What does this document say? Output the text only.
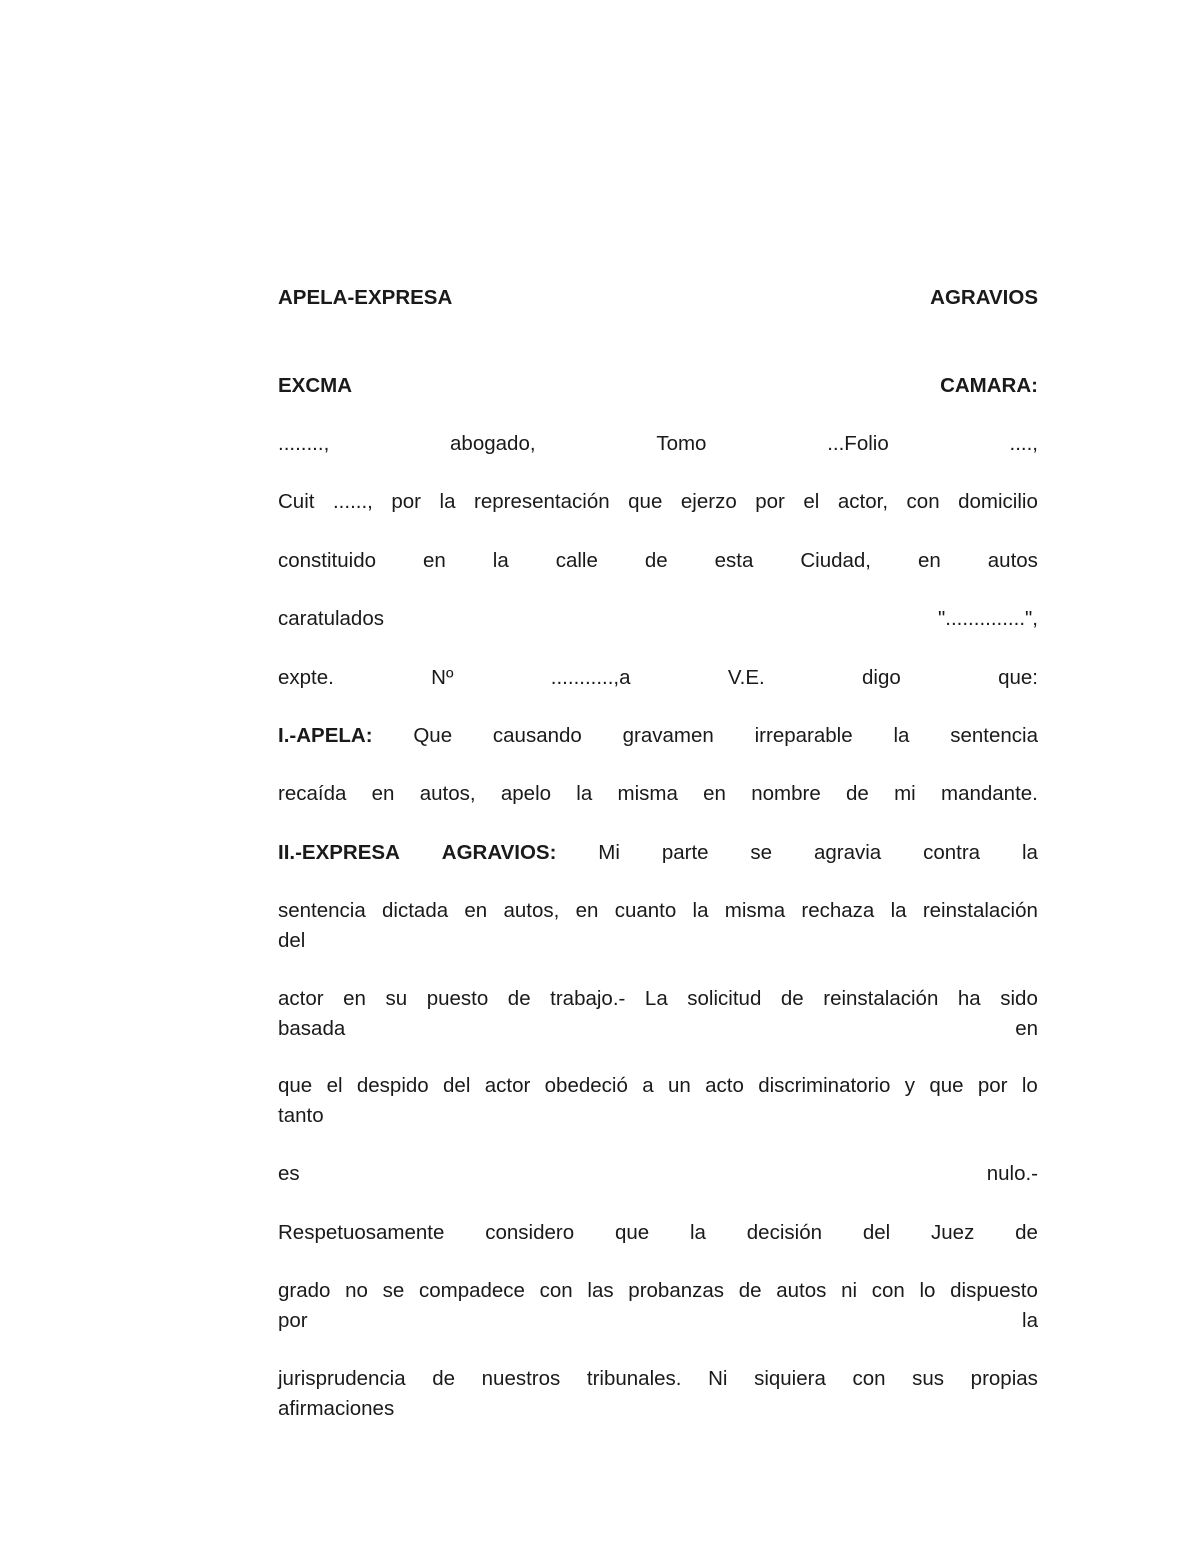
APELA-EXPRESA	AGRAVIOS
EXCMA	CAMARA:
........,	abogado,	Tomo	...Folio	....,
Cuit ......, por la representación que ejerzo por el actor, con domicilio
constituido en la calle de esta Ciudad, en autos
caratulados	"..............",
expte.	Nº	...........,a	V.E.	digo	que:
I.-APELA: Que causando gravamen irreparable la sentencia
recaída en autos, apelo la misma en nombre de mi mandante.
II.-EXPRESA AGRAVIOS: Mi parte se agravia contra la
sentencia dictada en autos, en cuanto la misma rechaza la reinstalación
del
actor en su puesto de trabajo.- La solicitud de reinstalación ha sido
basada	en
que el despido del actor obedeció a un acto discriminatorio y que por lo
tanto
es	nulo.-
Respetuosamente considero que la decisión del Juez de
grado no se compadece con las probanzas de autos ni con lo dispuesto
por	la
jurisprudencia de nuestros tribunales. Ni siquiera con sus propias
afirmaciones
